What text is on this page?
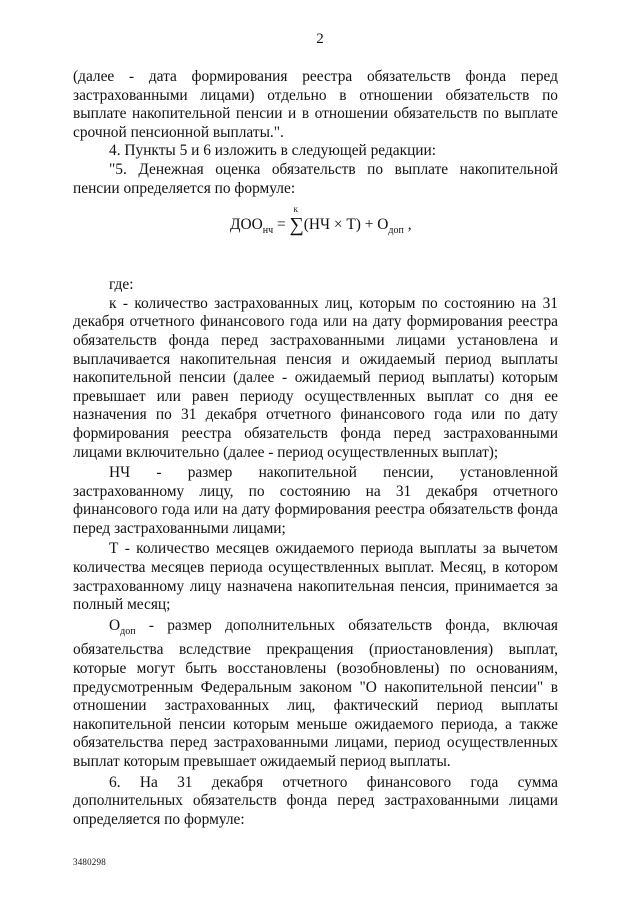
2

(далее - дата формирования реестра обязательств фонда перед застрахованными лицами) отдельно в отношении обязательств по выплате накопительной пенсии и в отношении обязательств по выплате срочной пенсионной выплаты.".

4. Пункты 5 и 6 изложить в следующей редакции:

"5. Денежная оценка обязательств по выплате накопительной пенсии определяется по формуле:

$ДОО_{нч}$ =
к
$\sum(НЧ \times Т) + О_{доп}$ ,

где:

к - количество застрахованных лиц, которым по состоянию на 31 декабря отчетного финансового года или на дату формирования реестра обязательств фонда перед застрахованными лицами установлена и выплачивается накопительная пенсия и ожидаемый период выплаты накопительной пенсии (далее - ожидаемый период выплаты) которым превышает или равен периоду осуществленных выплат со дня ее назначения по 31 декабря отчетного финансового года или по дату формирования реестра обязательств фонда перед застрахованными лицами включительно (далее - период осуществленных выплат);

НЧ - размер накопительной пенсии, установленной застрахованному лицу, по состоянию на 31 декабря отчетного финансового года или на дату формирования реестра обязательств фонда перед застрахованными лицами;

Т - количество месяцев ожидаемого периода выплаты за вычетом количества месяцев периода осуществленных выплат. Месяц, в котором застрахованному лицу назначена накопительная пенсия, принимается за полный месяц;

$О_{доп}$ - размер дополнительных обязательств фонда, включая обязательства вследствие прекращения (приостановления) выплат, которые могут быть восстановлены (возобновлены) по основаниям, предусмотренным Федеральным законом "О накопительной пенсии" в отношении застрахованных лиц, фактический период выплаты накопительной пенсии которым меньше ожидаемого периода, а также обязательства перед застрахованными лицами, период осуществленных выплат которым превышает ожидаемый период выплаты.

6. На 31 декабря отчетного финансового года сумма дополнительных обязательств фонда перед застрахованными лицами определяется по формуле:

3480298
